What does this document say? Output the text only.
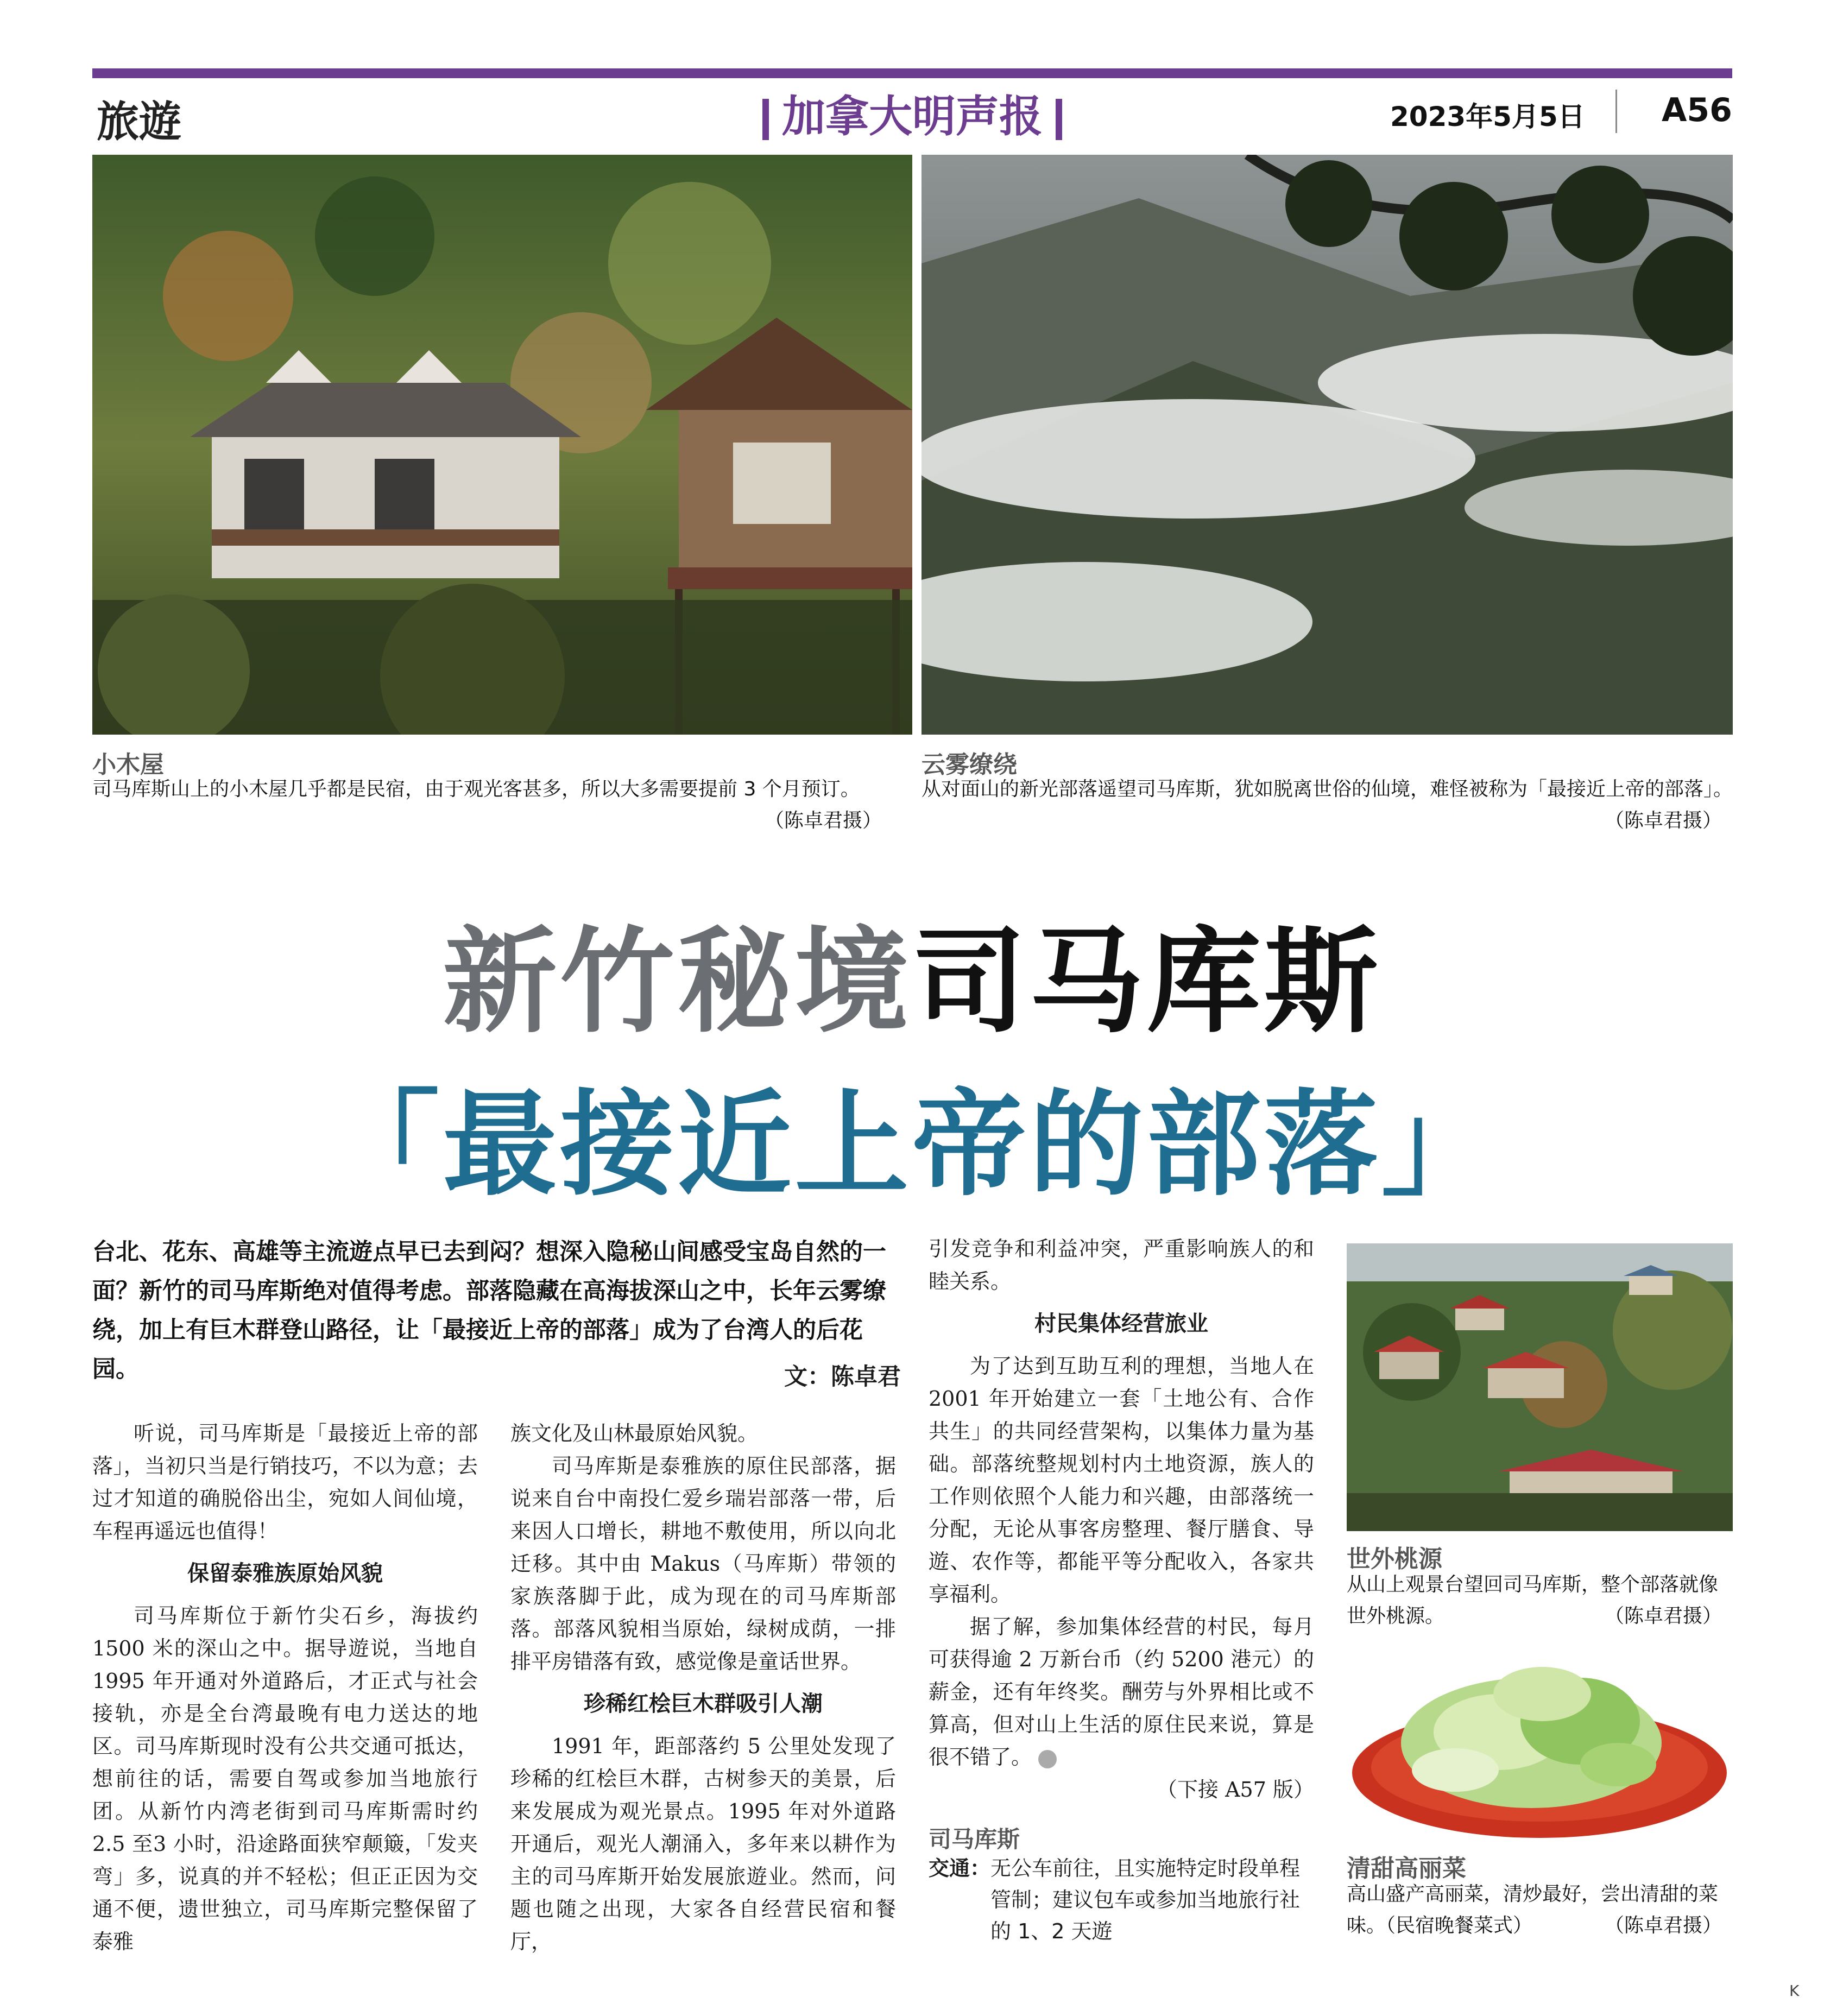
旅遊	加拿大明声报	2023年5月5日 A56
小木屋
司马库斯山上的小木屋几乎都是民宿，由于观光客甚多，所以大多需要提前 3 个月预订。
（陈卓君摄）
云雾缭绕
从对面山的新光部落遥望司马库斯，犹如脱离世俗的仙境，难怪被称为「最接近上帝的部落」。
（陈卓君摄）
新竹秘境司马库斯
「最接近上帝的部落」
台北、花东、高雄等主流遊点早已去到闷？想深入隐秘山间感受宝岛自然的一面？新竹的司马库斯绝对值得考虑。部落隐藏在高海拔深山之中，长年云雾缭绕，加上有巨木群登山路径，让「最接近上帝的部落」成为了台湾人的后花园。	文：陈卓君

听说，司马库斯是「最接近上帝的部落」，当初只当是行销技巧，不以为意；去过才知道的确脱俗出尘，宛如人间仙境，车程再遥远也值得！

保留泰雅族原始风貌

司马库斯位于新竹尖石乡，海拔约1500 米的深山之中。据导遊说，当地自1995 年开通对外道路后，才正式与社会接轨，亦是全台湾最晚有电力送达的地区。司马库斯现时没有公共交通可抵达，想前往的话，需要自驾或参加当地旅行团。从新竹内湾老街到司马库斯需时约 2.5 至3 小时，沿途路面狭窄颠簸，「发夹弯」多，说真的并不轻松；但正正因为交通不便，遗世独立，司马库斯完整保留了泰雅

族文化及山林最原始风貌。

司马库斯是泰雅族的原住民部落，据说来自台中南投仁爱乡瑞岩部落一带，后来因人口增长，耕地不敷使用，所以向北迁移。其中由 Makus（马库斯）带领的家族落脚于此，成为现在的司马库斯部落。部落风貌相当原始，绿树成荫，一排排平房错落有致，感觉像是童话世界。

珍稀红桧巨木群吸引人潮

1991 年，距部落约 5 公里处发现了珍稀的红桧巨木群，古树参天的美景，后来发展成为观光景点。1995 年对外道路开通后，观光人潮涌入，多年来以耕作为主的司马库斯开始发展旅遊业。然而，问题也随之出现，大家各自经营民宿和餐厅，

引发竞争和利益冲突，严重影响族人的和睦关系。

村民集体经营旅业

为了达到互助互利的理想，当地人在2001 年开始建立一套「土地公有、合作共生」的共同经营架构，以集体力量为基础。部落统整规划村内土地资源，族人的工作则依照个人能力和兴趣，由部落统一分配，无论从事客房整理、餐厅膳食、导遊、农作等，都能平等分配收入，各家共享福利。

据了解，参加集体经营的村民，每月可获得逾 2 万新台币（约 5200 港元）的薪金，还有年终奖。酬劳与外界相比或不算高，但对山上生活的原住民来说，算是很不错了。

（下接 A57 版）
司马库斯
交通： 无公车前往，且实施特定时段单程管制；建议包车或参加当地旅行社的 1、2 天遊
世外桃源
从山上观景台望回司马库斯，整个部落就像世外桃源。	（陈卓君摄）
清甜高丽菜
高山盛产高丽菜，清炒最好，尝出清甜的菜味。（民宿晚餐菜式）	（陈卓君摄）
K
